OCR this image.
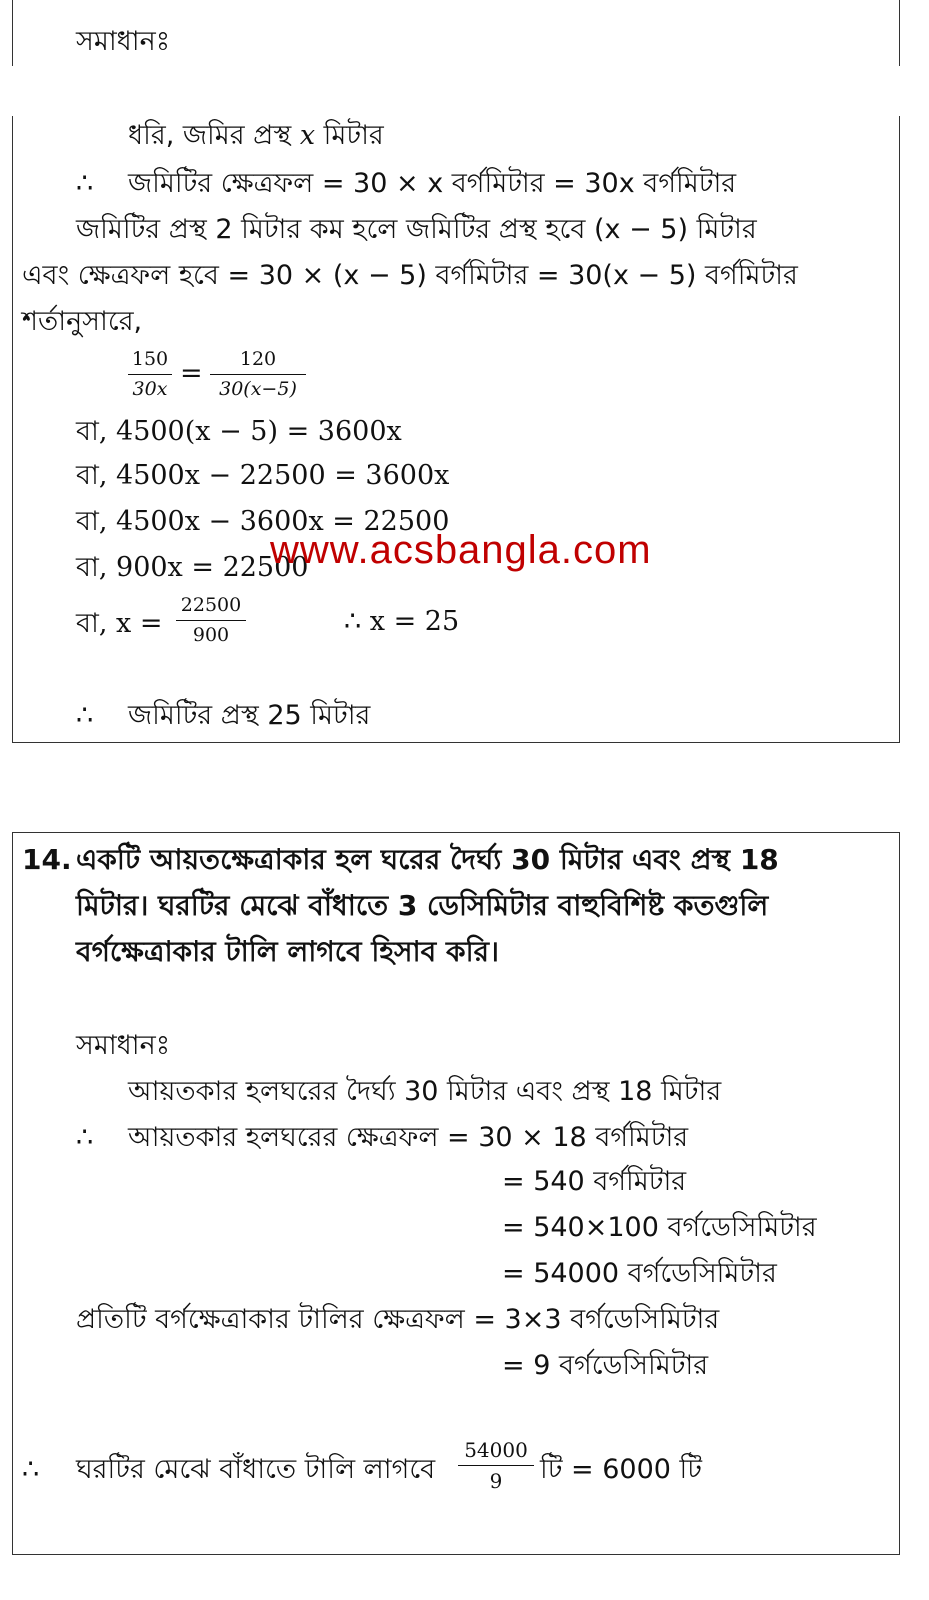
সমাধানঃ
ধরি, জমির প্রস্থ x মিটার
∴ জমিটির ক্ষেত্রফল = 30 × x বর্গমিটার = 30x বর্গমিটার
জমিটির প্রস্থ 2 মিটার কম হলে জমিটির প্রস্থ হবে (x − 5) মিটার
এবং ক্ষেত্রফল হবে = 30 × (x − 5) বর্গমিটার = 30(x − 5) বর্গমিটার
শর্তানুসারে,
150
30x =	120
30(x−5)
বা, 4500(x − 5) = 3600x
বা, 4500x − 22500 = 3600x
বা, 4500x − 3600x = 22500
বা, 900x = 22500
বা, x =
22500
900	∴ x = 25
∴ জমিটির প্রস্থ 25 মিটার
www.acsbangla.com
14. একটি আয়তক্ষেত্রাকার হল ঘরের দৈর্ঘ্য 30 মিটার এবং প্রস্থ 18
মিটার। ঘরটির মেঝে বাঁধাতে 3 ডেসিমিটার বাহুবিশিষ্ট কতগুলি
বর্গক্ষেত্রাকার টালি লাগবে হিসাব করি।
সমাধানঃ
আয়তকার হলঘরের দৈর্ঘ্য 30 মিটার এবং প্রস্থ 18 মিটার
∴ আয়তকার হলঘরের ক্ষেত্রফল = 30 × 18 বর্গমিটার
= 540 বর্গমিটার
= 540×100 বর্গডেসিমিটার
= 54000 বর্গডেসিমিটার
প্রতিটি বর্গক্ষেত্রাকার টালির ক্ষেত্রফল = 3×3 বর্গডেসিমিটার
= 9 বর্গডেসিমিটার
∴ ঘরটির মেঝে বাঁধাতে টালি লাগবে
54000
9	টি = 6000 টি
